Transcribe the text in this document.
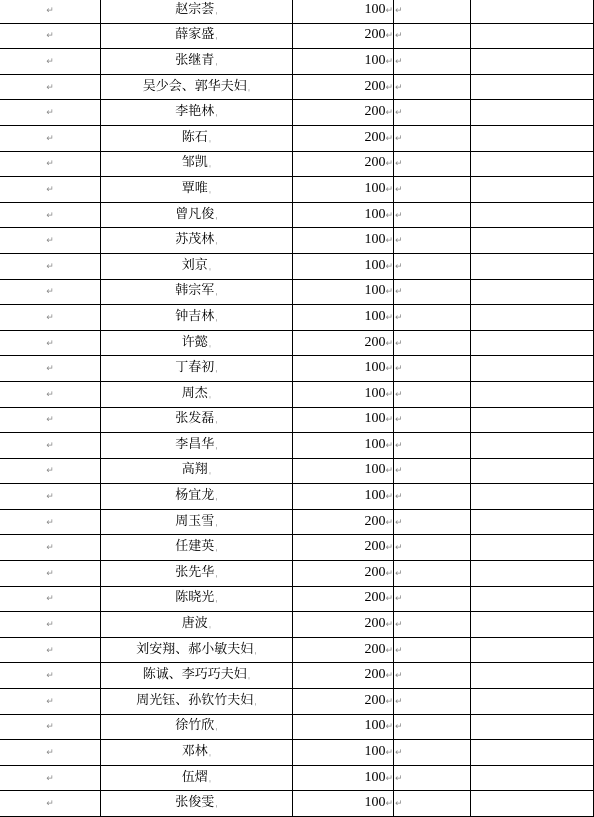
↵	赵宗荟ˌ	100↵	↵	
↵	薛家盛ˌ	200↵	↵	
↵	张继青ˌ	100↵	↵	
↵	吴少会、郭华夫妇ˌ	200↵	↵	
↵	李艳林ˌ	200↵	↵	
↵	陈石ˌ	200↵	↵	
↵	邹凯ˌ	200↵	↵	
↵	覃唯ˌ	100↵	↵	
↵	曾凡俊ˌ	100↵	↵	
↵	苏茂林ˌ	100↵	↵	
↵	刘京ˌ	100↵	↵	
↵	韩宗军ˌ	100↵	↵	
↵	钟吉林ˌ	100↵	↵	
↵	许懿ˌ	200↵	↵	
↵	丁春初ˌ	100↵	↵	
↵	周杰ˌ	100↵	↵	
↵	张发磊ˌ	100↵	↵	
↵	李昌华ˌ	100↵	↵	
↵	高翔ˌ	100↵	↵	
↵	杨宜龙ˌ	100↵	↵	
↵	周玉雪ˌ	200↵	↵	
↵	任建英ˌ	200↵	↵	
↵	张先华ˌ	200↵	↵	
↵	陈晓光ˌ	200↵	↵	
↵	唐波ˌ	200↵	↵	
↵	刘安翔、郝小敏夫妇ˌ	200↵	↵	
↵	陈诚、李巧巧夫妇ˌ	200↵	↵	
↵	周光钰、孙钦竹夫妇ˌ	200↵	↵	
↵	徐竹欣ˌ	100↵	↵	
↵	邓林ˌ	100↵	↵	
↵	伍熠ˌ	100↵	↵	
↵	张俊雯ˌ	100↵	↵	
